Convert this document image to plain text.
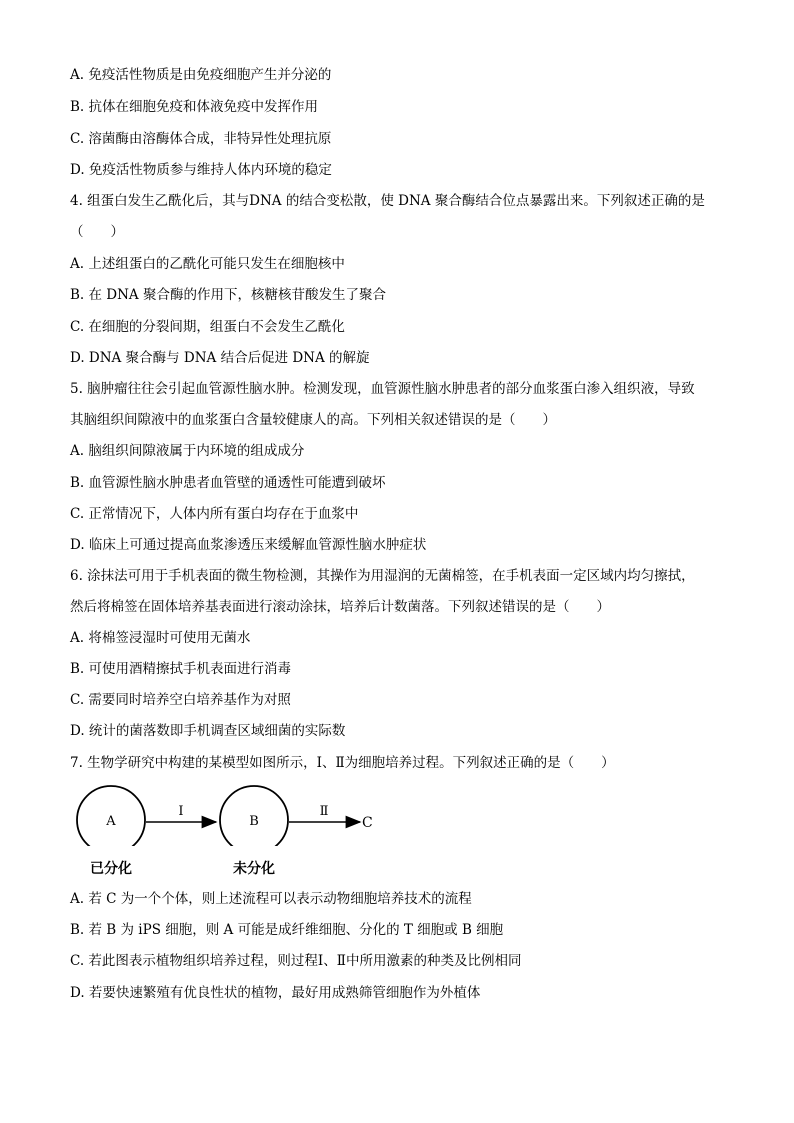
A. 免疫活性物质是由免疫细胞产生并分泌的
B. 抗体在细胞免疫和体液免疫中发挥作用
C. 溶菌酶由溶酶体合成，非特异性处理抗原
D. 免疫活性物质参与维持人体内环境的稳定
4. 组蛋白发生乙酰化后，其与DNA 的结合变松散，使 DNA 聚合酶结合位点暴露出来。下列叙述正确的是
（　　）
A. 上述组蛋白的乙酰化可能只发生在细胞核中
B. 在 DNA 聚合酶的作用下，核糖核苷酸发生了聚合
C. 在细胞的分裂间期，组蛋白不会发生乙酰化
D. DNA 聚合酶与 DNA 结合后促进 DNA 的解旋
5. 脑肿瘤往往会引起血管源性脑水肿。检测发现，血管源性脑水肿患者的部分血浆蛋白渗入组织液，导致
其脑组织间隙液中的血浆蛋白含量较健康人的高。下列相关叙述错误的是（　　）
A. 脑组织间隙液属于内环境的组成成分
B. 血管源性脑水肿患者血管壁的通透性可能遭到破坏
C. 正常情况下，人体内所有蛋白均存在于血浆中
D. 临床上可通过提高血浆渗透压来缓解血管源性脑水肿症状
6. 涂抹法可用于手机表面的微生物检测，其操作为用湿润的无菌棉签，在手机表面一定区域内均匀擦拭，
然后将棉签在固体培养基表面进行滚动涂抹，培养后计数菌落。下列叙述错误的是（　　）
A. 将棉签浸湿时可使用无菌水
B. 可使用酒精擦拭手机表面进行消毒
C. 需要同时培养空白培养基作为对照
D. 统计的菌落数即手机调查区域细菌的实际数
7. 生物学研究中构建的某模型如图所示，Ⅰ、Ⅱ为细胞培养过程。下列叙述正确的是（　　）
A
Ⅰ
B
Ⅱ
C
已分化	未分化
A. 若 C 为一个个体，则上述流程可以表示动物细胞培养技术的流程
B. 若 B 为 iPS 细胞，则 A 可能是成纤维细胞、分化的 T 细胞或 B 细胞
C. 若此图表示植物组织培养过程，则过程Ⅰ、Ⅱ中所用激素的种类及比例相同
D. 若要快速繁殖有优良性状的植物，最好用成熟筛管细胞作为外植体
